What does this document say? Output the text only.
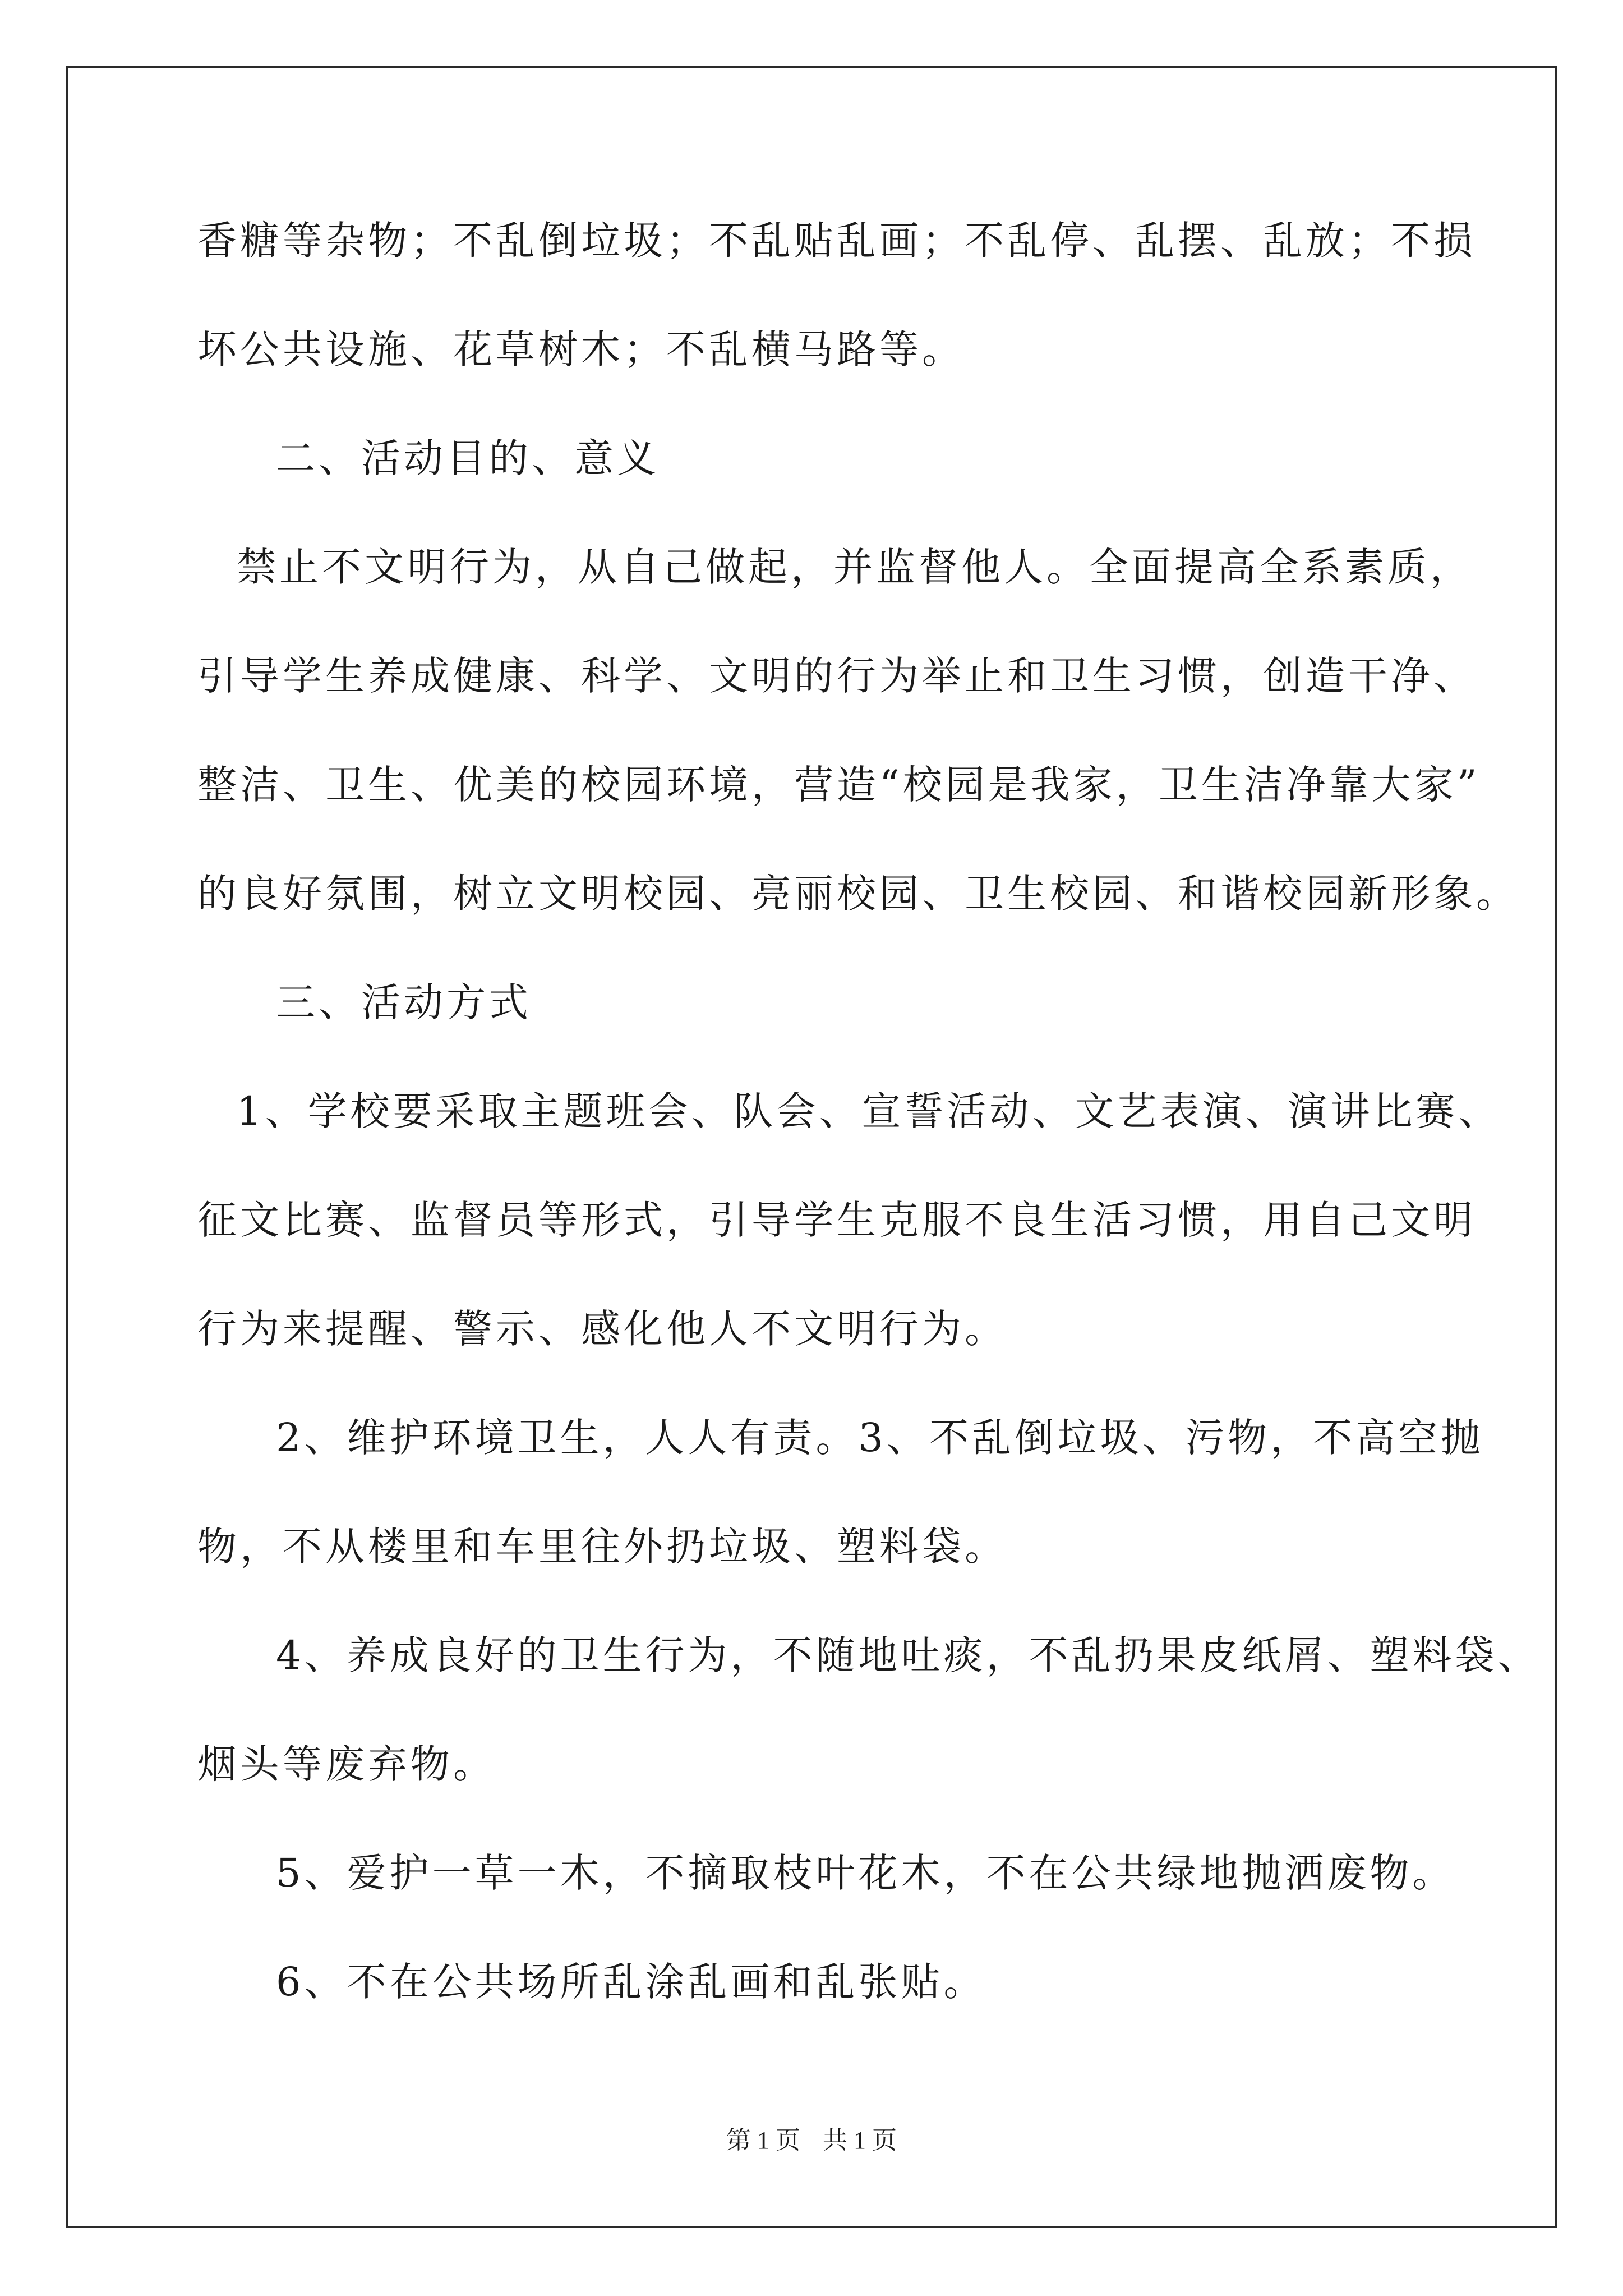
香糖等杂物；不乱倒垃圾；不乱贴乱画；不乱停、乱摆、乱放；不损
坏公共设施、花草树木；不乱横马路等。
二、活动目的、意义
禁止不文明行为，从自己做起，并监督他人。全面提高全系素质，
引导学生养成健康、科学、文明的行为举止和卫生习惯，创造干净、
整洁、卫生、优美的校园环境，营造“校园是我家，卫生洁净靠大家”
的良好氛围，树立文明校园、亮丽校园、卫生校园、和谐校园新形象。
三、活动方式
1、学校要采取主题班会、队会、宣誓活动、文艺表演、演讲比赛、
征文比赛、监督员等形式，引导学生克服不良生活习惯，用自己文明
行为来提醒、警示、感化他人不文明行为。
2、维护环境卫生，人人有责。3、不乱倒垃圾、污物，不高空抛
物，不从楼里和车里往外扔垃圾、塑料袋。
4、养成良好的卫生行为，不随地吐痰，不乱扔果皮纸屑、塑料袋、
烟头等废弃物。
5、爱护一草一木，不摘取枝叶花木，不在公共绿地抛洒废物。
6、不在公共场所乱涂乱画和乱张贴。
第 1 页 共 1 页
